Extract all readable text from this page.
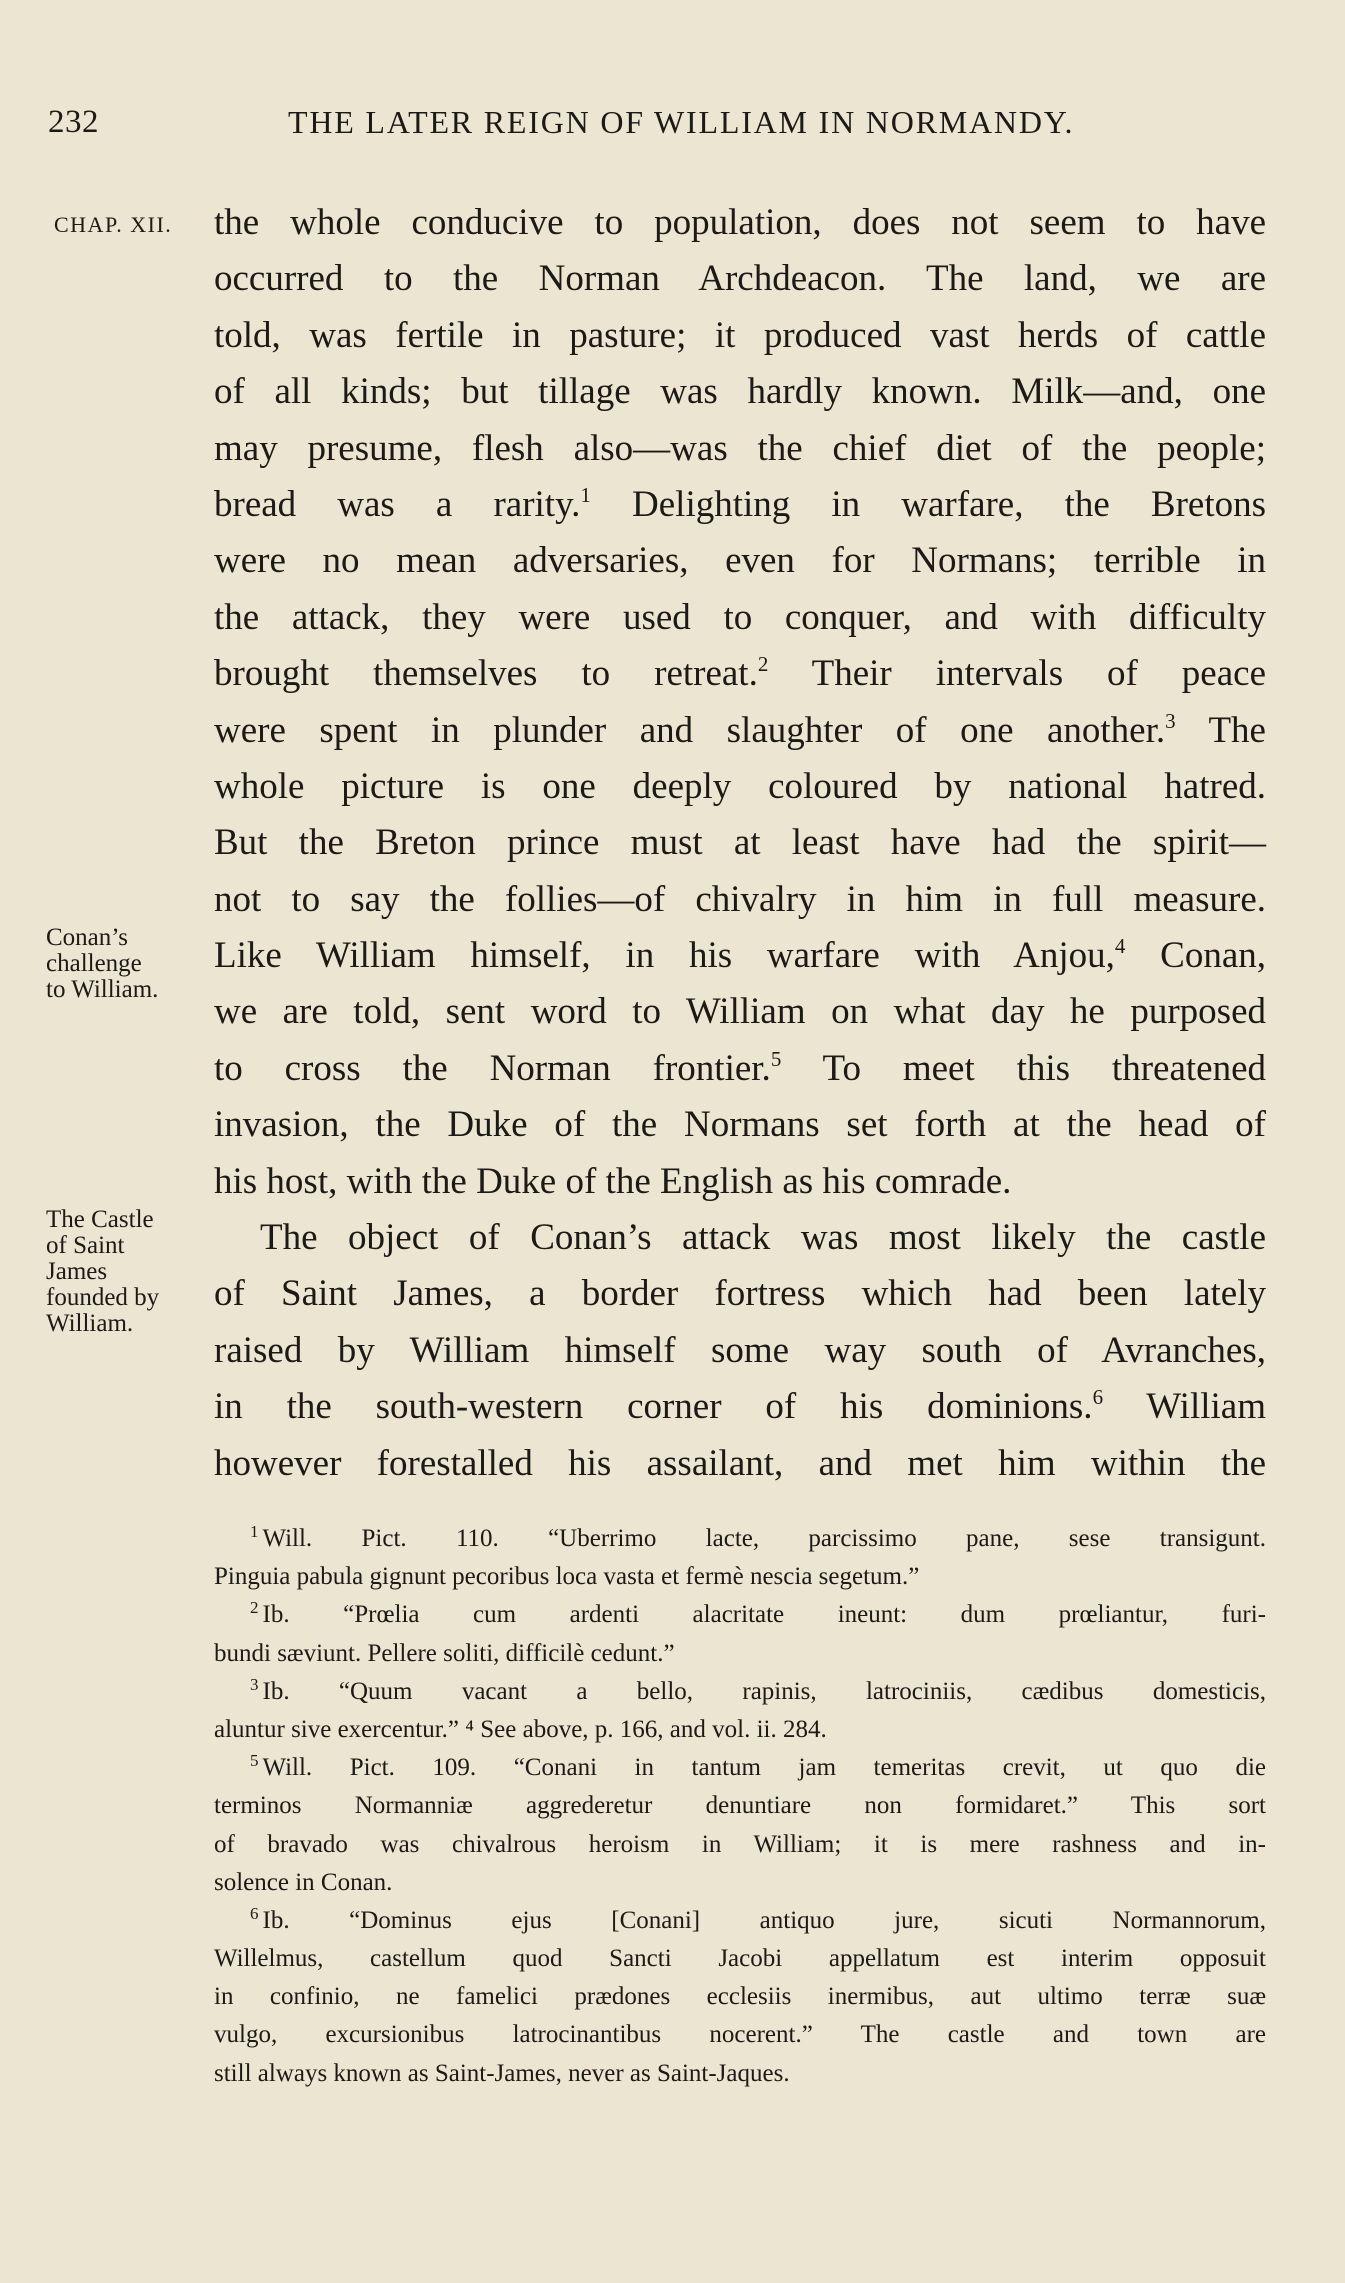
232	THE LATER REIGN OF WILLIAM IN NORMANDY.
CHAP. XII.
Conan’s
challenge
to William.
The Castle
of Saint
James
founded by
William.
the whole conducive to population, does not seem to have
occurred to the Norman Archdeacon. The land, we are
told, was fertile in pasture; it produced vast herds of cattle
of all kinds; but tillage was hardly known. Milk—and, one
may presume, flesh also—was the chief diet of the people;
bread was a rarity.$^1$ Delighting in warfare, the Bretons
were no mean adversaries, even for Normans; terrible in
the attack, they were used to conquer, and with difficulty
brought themselves to retreat.$^2$ Their intervals of peace
were spent in plunder and slaughter of one another.$^3$ The
whole picture is one deeply coloured by national hatred.
But the Breton prince must at least have had the spirit—
not to say the follies—of chivalry in him in full measure.
Like William himself, in his warfare with Anjou,$^4$ Conan,
we are told, sent word to William on what day he purposed
to cross the Norman frontier.$^5$ To meet this threatened
invasion, the Duke of the Normans set forth at the head of
his host, with the Duke of the English as his comrade.
The object of Conan’s attack was most likely the castle
of Saint James, a border fortress which had been lately
raised by William himself some way south of Avranches,
in the south-western corner of his dominions.$^6$ William
however forestalled his assailant, and met him within the
$^1$ Will. Pict. 110. “Uberrimo lacte, parcissimo pane, sese transigunt.
Pinguia pabula gignunt pecoribus loca vasta et fermè nescia segetum.”
$^2$ Ib. “Prœlia cum ardenti alacritate ineunt: dum prœliantur, furi-
bundi sæviunt. Pellere soliti, difficilè cedunt.”
$^3$ Ib. “Quum vacant a bello, rapinis, latrociniis, cædibus domesticis,
aluntur sive exercentur.” ⁴ See above, p. 166, and vol. ii. 284.
$^5$ Will. Pict. 109. “Conani in tantum jam temeritas crevit, ut quo die
terminos Normanniæ aggrederetur denuntiare non formidaret.” This sort
of bravado was chivalrous heroism in William; it is mere rashness and in-
solence in Conan.
$^6$ Ib. “Dominus ejus [Conani] antiquo jure, sicuti Normannorum,
Willelmus, castellum quod Sancti Jacobi appellatum est interim opposuit
in confinio, ne famelici prædones ecclesiis inermibus, aut ultimo terræ suæ
vulgo, excursionibus latrocinantibus nocerent.” The castle and town are
still always known as Saint-James, never as Saint-Jaques.
